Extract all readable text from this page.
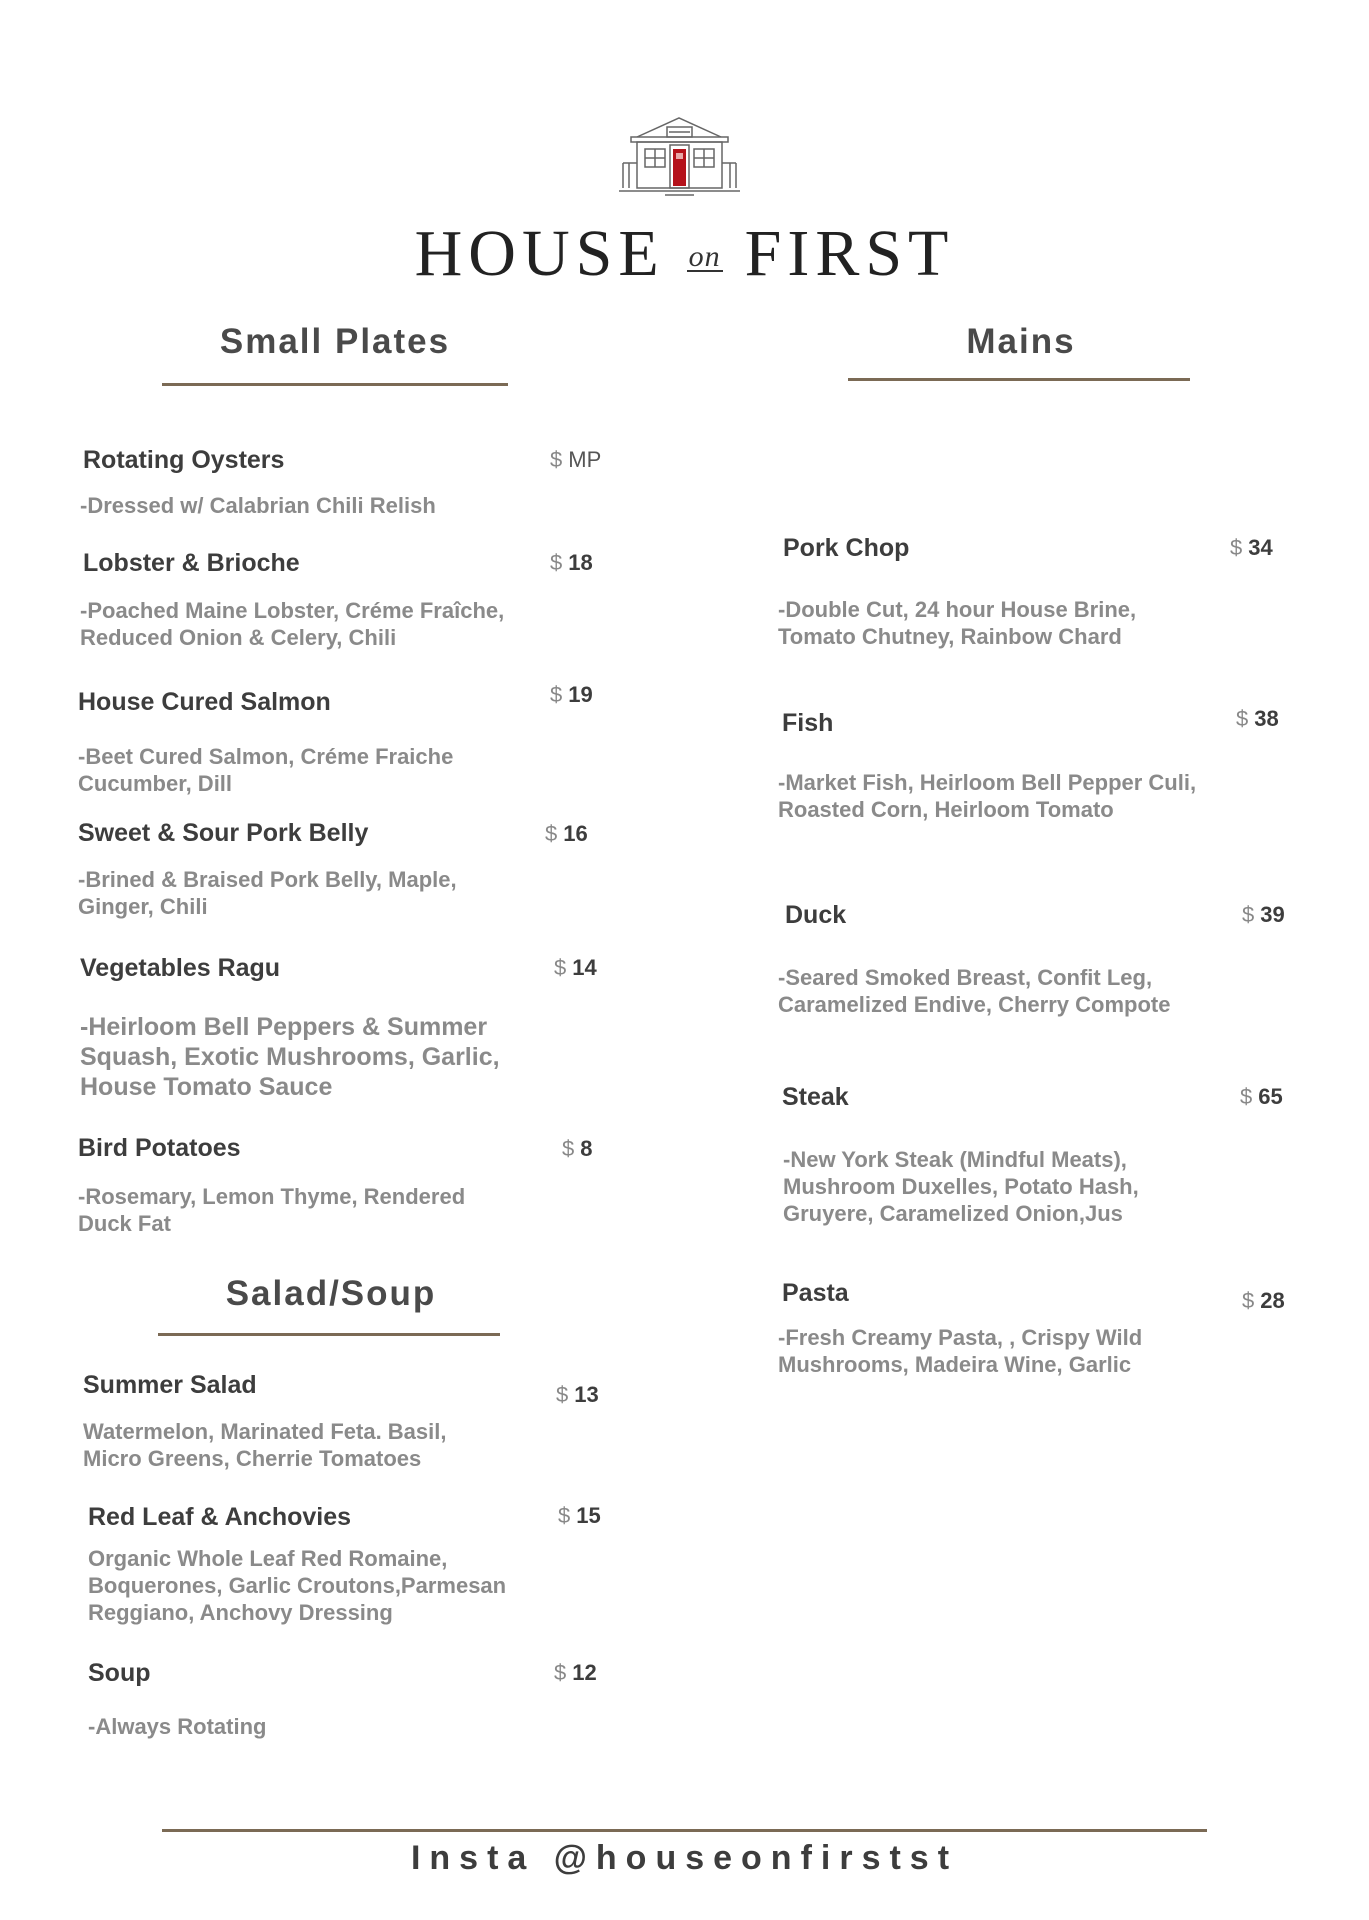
HOUSE on FIRST
Small Plates
Rotating Oysters	$ MP
-Dressed w/ Calabrian Chili Relish
Lobster & Brioche	$ 18
-Poached Maine Lobster, Créme Fraîche,
Reduced Onion & Celery, Chili
House Cured Salmon	$ 19
-Beet Cured Salmon, Créme Fraiche
Cucumber, Dill
Sweet & Sour Pork Belly	$ 16
-Brined & Braised Pork Belly, Maple,
Ginger, Chili
Vegetables Ragu	$ 14
-Heirloom Bell Peppers & Summer
Squash, Exotic Mushrooms, Garlic,
House Tomato Sauce
Bird Potatoes	$ 8
-Rosemary, Lemon Thyme, Rendered
Duck Fat
Salad/Soup
Summer Salad	$ 13
Watermelon, Marinated Feta. Basil,
Micro Greens, Cherrie Tomatoes
Red Leaf & Anchovies	$ 15
Organic Whole Leaf Red Romaine,
Boquerones, Garlic Croutons,Parmesan
Reggiano, Anchovy Dressing
Soup	$ 12
-Always Rotating
Mains
Pork Chop	$ 34
-Double Cut, 24 hour House Brine,
Tomato Chutney, Rainbow Chard
Fish	$ 38
-Market Fish, Heirloom Bell Pepper Culi,
Roasted Corn, Heirloom Tomato
Duck	$ 39
-Seared Smoked Breast, Confit Leg,
Caramelized Endive, Cherry Compote
Steak	$ 65
-New York Steak (Mindful Meats),
Mushroom Duxelles, Potato Hash,
Gruyere, Caramelized Onion,Jus
Pasta	$ 28
-Fresh Creamy Pasta, , Crispy Wild
Mushrooms, Madeira Wine, Garlic
Insta @houseonfirstst
